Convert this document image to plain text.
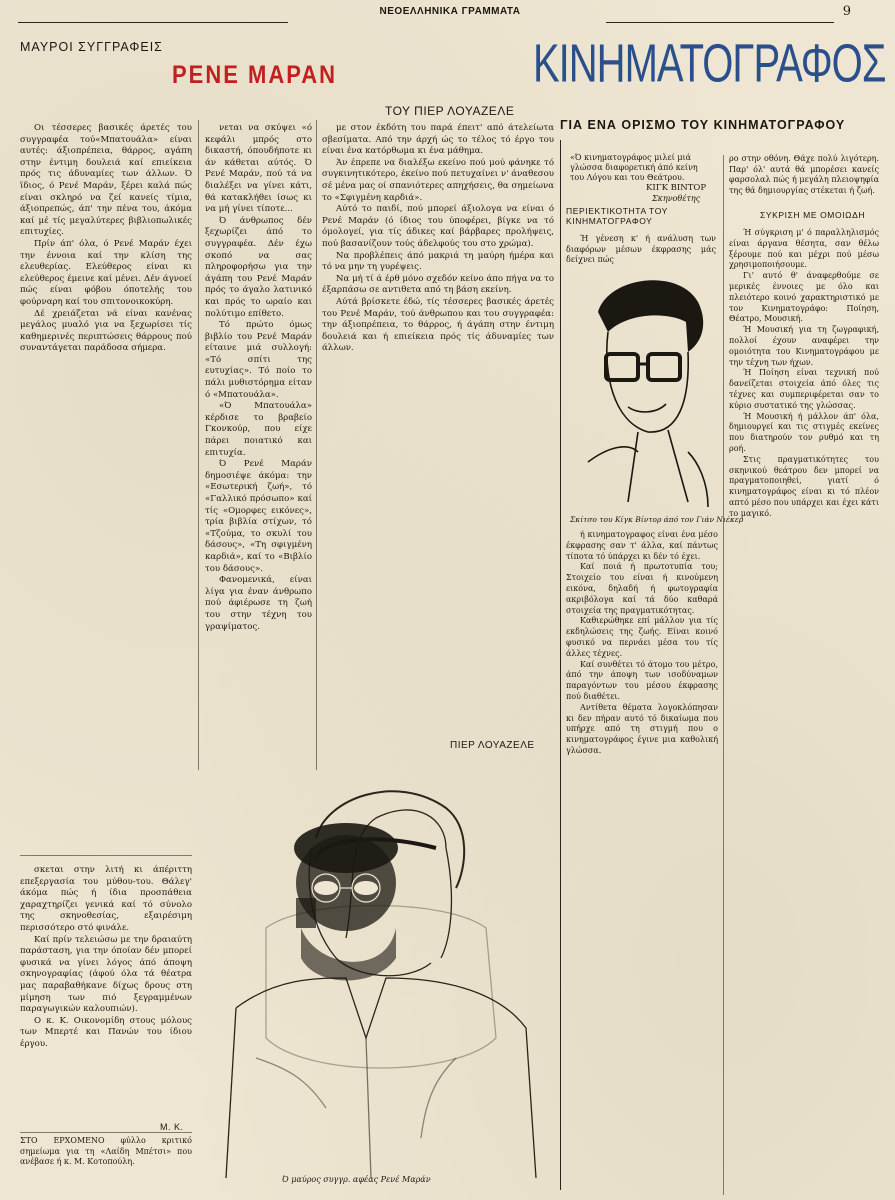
ΝΕΟΕΛΛΗΝΙΚΑ ΓΡΑΜΜΑΤΑ	9
ΜΑΥΡΟΙ ΣΥΓΓΡΑΦΕΙΣ
ΡΕΝΕ ΜΑΡΑΝ
ΤΟΥ ΠΙΕΡ ΛΟΥΑΖΕΛΕ
ΚΙΝΗΜΑΤΟΓΡΑΦΟΣ
ΓΙΑ ΕΝΑ ΟΡΙΣΜΟ ΤΟΥ ΚΙΝΗΜΑΤΟΓΡΑΦΟΥ

Οι τέσσερες βασικές άρετές του συγγραφέα τού«Μπατουάλα» είναι αυτές: άξιοπρέπεια, θάρρος, αγάπη στην έντιμη δουλειά καί επιείκεια πρός τις άδυναμίες των άλλων. Ό ϊδιος, ό Ρενέ Μαράν, ξέρει καλά πώς είναι σκληρό να ζεί κανείς τίμια, άξιοπρεπώς, άπ' την πένα του, άκόμα καί μέ τίς μεγαλύτερες βιβλιοπωλικές επιτυχίες.

Πρίν άπ' όλα, ό Ρενέ Μαράν έχει την έννοια καί την κλίση της ελευθερίας. Ελεύθερος είναι κι ελεύθερος έμεινε καί μένει. Δέν άγνοεί πώς είναι φόβου όποτελής του φούρναρη καί του σπιτονοικοκύρη.

Δέ χρειάζεται νά είναι κανένας μεγάλος μυαλό για να ξεχωρίσει τίς καθημερινές περιπτώσεις θάρρους πού συναντάγεται παράδοσα σήμερα.

νεται να σκύψει «ό κεφάλι μπρός στο δικαστή, όπουδήποτε κι άν κάθεται αύτός. Ό Ρενέ Μαράν, πού τά να διαλέξει να γίνει κάτι, θά κατακλήθει ίσως κι να μή γίνει τίποτε...

Ό άνθρωπος δέν ξεχωρίζει άπό το συγγραφέα. Δέν έχω σκοπό να σας πληροφορήσω για την άγάπη του Ρενέ Μαράν πρός το άγαλο λατινικό και πρός το ωραίο και πολύτιμο επίθετο.

Τό πρώτο όμως βιβλίο του Ρενέ Μαράν είταινε μιά συλλογή: «Τό σπίτι της ευτυχίας». Τό ποίο το πάλι μυθιστόρημα είταν ό «Μπατουάλα».

«Ό Μπατουάλα» κέρδισε το βραβείο Γκονκούρ, που είχε πάρει ποιατικό και επιτυχία.

Ό Ρενέ Μαράν δημοσιέψε άκόμα: την «Εσωτερική ζωή», τό «Γαλλικό πρόσωπο» καί τίς «Ομορφες εικόνες», τρία βιβλία στίχων, τό «Τζούμα, το σκυλί του δάσους», «Τη σφιγμένη καρδιά», καί το «Βιβλίο του δάσους».

Φανομενικά, είναι λίγα για έναν άνθρωπο πού άφιέρωσε τη ζωή του στην τέχνη του γραψίματος.

με στον έκδότη του παρά έπειτ' από άτελείωτα σβεσίματα. Από την άρχή ώς το τέλος τό έργο του είναι ένα κατόρθωμα κι ένα μάθημα.

Άν έπρεπε να διαλέξω εκείνο πού μού φάνηκε τό συγκινητικότερο, έκείνο πού πετυχαίνει ν' άναθεσου σέ μένα μας οί σπανιότερες απηχήσεις, θα σημείωνα το «Σφιγμένη καρδιά».

Αύτό το παιδί, πού μπορεί άξιολογα να είναι ό Ρενέ Μαράν (ό ίδιος του ύποφέρει, βίγκε να τό όμολογεί, για τίς άδικες καί βάρβαρες προλήψεις, πού βασανίζουν τούς άδελφούς του στο χρώμα).

Να προβλέπεις άπό μακριά τη μαύρη ήμέρα και τό να μην τη γυρέψεις.

Να μή τί ά έρθ μόνο σχεδόν κείνο άπο πήγα να το έξαρπάσω σε αντιθετα από τη βάση εκείνη.

Αύτά βρίσκετε έδώ, τίς τέσσερες βασικές άρετές του Ρενέ Μαράν, τού άνθρωπου και του συγγραφέα: την άξιοπρέπεια, το θάρρος, ή άγάπη στην έντιμη δουλειά και ή επιείκεια πρός τίς άδυναμίες των άλλων.

ΠΙΕΡ ΛΟΥΑΖΕΛΕ

σκεται στην λιτή κι άπέριττη επεξεργασία του μύθου-του. Θάλεγ' άκόμα πώς ή ίδια προσπάθεια χαραχτηρίζει γενικά καί τό σύνολο της σκηνοθεσίας, εξαιρέσιμη περισσότερο στό φινάλε.

Καί πρίν τελειώσω με την δραιαύτη παράσταση, για την όποίαν δέν μπορεί φυσικά να γίνει λόγος άπό άποψη σκηνογραφίας (άφού όλα τά θέατρα μας παραβαθήκανε δίχως δρους στη μίμηση των πιό ξεγραμμένων παραγωγικών καλουπιών).

Ο κ. Κ. Οικονομίδη στους μόλους των Μπερτέ και Πανών του ίδιου έργου.

Μ. Κ.

ΣΤΟ ΕΡΧΟΜΕΝΟ φύλλο κριτικό σημείωμα για τη «Λαίδη Μπέτσι» που ανέβασε ή κ. Μ. Κοτοπούλη.

Ό μαύρος συγγρ. αφέας Ρενέ Μαράν
«Ό κινηματογράφος μιλεί μιά γλώσσα διαφορετική άπό κείνη του Λόγου και του Θεάτρου.
ΚΙΓΚ ΒΙΝΤΟΡ
Σκηνοθέτης
ΠΕΡΙΕΚΤΙΚΟΤΗΤΑ ΤΟΥ ΚΙΝΗΜΑΤΟΓΡΑΦΟΥ

Ή γένεση κ' ή ανάλυση των διαφόρων μέσων έκφρασης μάς δείχνει πώς

Σκίτσο του Κίγκ Βίντορ άπό τον Γιάν Νιέκερ

ή κινηματογραφος είναι ένα μέσο έκφρασης σαν τ' άλλα, καί πάντως τίποτα τό ύπάρχει κι δέν τό έχει.

Καί ποιά ή πρωτοτυπία του; Στοιχείο του είναι ή κινούμενη εικόνα, δηλαδή ή φωτογραφία ακριβόλογα καί τά δύο καθαρά στοιχεία της πραγματικότητας.

Καθιερώθηκε επί μάλλον για τίς εκδηλώσεις της ζωής. Είναι κοινό φυσικό να περνάει μέσα του τίς άλλες τέχνες.

Καί συνθέτει τό άτομο του μέτρο, άπό την άποψη των ισοδύναμων παραγόντων του μέσου έκφρασης πού διαθέτει.

Αντίθετα θέματα λογοκλόπησαν κι δεν πήραν αυτό τό δικαίωμα που υπήρχε από τη στιγμή που ο κινηματογράφος έγινε μια καθολική γλώσσα.

ρο στην οθόνη. Θάχε πολύ λιγότερη. Παρ' όλ' αυτά θά μπορέσει κανείς φαρσολαλ πώς ή μεγάλη πλειοψηφία της θά δημιουργίας στέκεται ή ζωή.

ΣΥΚΡΙΣΗ ΜΕ ΟΜΟΙΩΔΗ

Ή σύγκριση μ' ό παραλληλισμός είναι άργανα θέσητα, σαν θέλω ξέρουμε πού και μέχρι πού μέσω χρησιμοποιήσουμε.

Γι' αυτό θ' άναφερθούμε σε μερικές έννοιες με όλο και πλειότερο κοινό χαρακτηριστικό με τον Κινηματογράφο: Ποίηση, Θέατρο, Μουσική.

Ή Μουσική για τη ζωγραφική, πολλοί έχουν αναφέρει την ομοιότητα του Κινηματογράφου με την τέχνη των ήχων.

Ή Ποίηση είναι τεχνική πού δανείζεται στοιχεία άπό όλες τις τέχνες και συμπεριφέρεται σαν το κύριο συστατικό της γλώσσας.

Ή Μουσική ή μάλλον άπ' όλα, δημιουργεί και τις στιγμές εκείνες που διατηρούν τον ρυθμό και τη ροή.

Στις πραγματικότητες του σκηνικού θεάτρου δεν μπορεί να πραγματοποιηθεί, γιατί ό κινηματογράφος είναι κι τό πλέον απτό μέσο που υπάρχει και έχει κάτι το μαγικό.
